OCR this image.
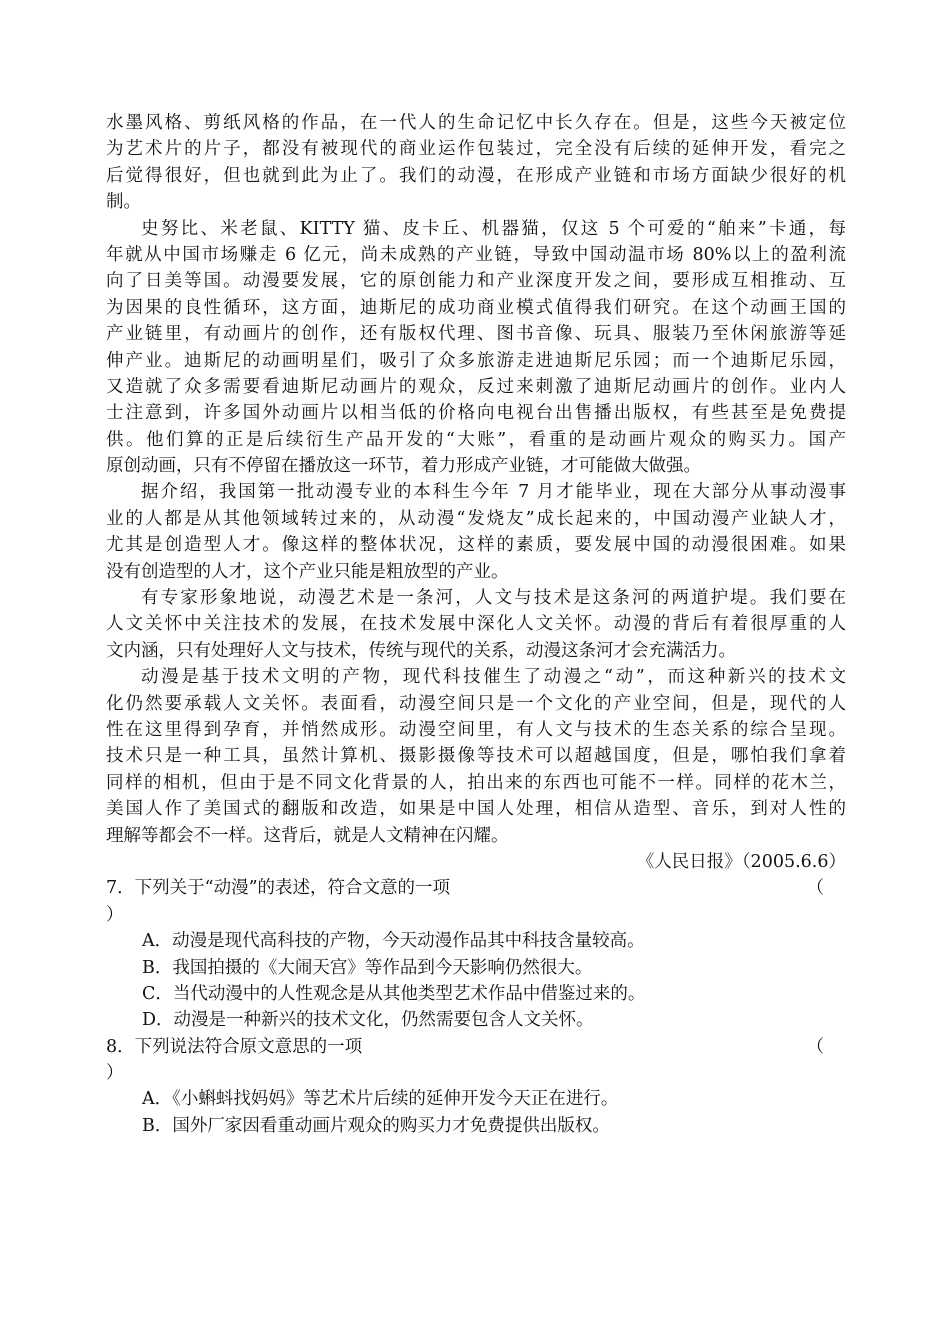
水墨风格、剪纸风格的作品，在一代人的生命记忆中长久存在。但是，这些今天被定位
为艺术片的片子，都没有被现代的商业运作包装过，完全没有后续的延伸开发，看完之
后觉得很好，但也就到此为止了。我们的动漫，在形成产业链和市场方面缺少很好的机
制。
史努比、米老鼠、KITTY 猫、皮卡丘、机器猫，仅这 5 个可爱的“舶来”卡通，每
年就从中国市场赚走 6 亿元，尚未成熟的产业链，导致中国动温市场 80%以上的盈利流
向了日美等国。动漫要发展，它的原创能力和产业深度开发之间，要形成互相推动、互
为因果的良性循环，这方面，迪斯尼的成功商业模式值得我们研究。在这个动画王国的
产业链里，有动画片的创作，还有版权代理、图书音像、玩具、服装乃至休闲旅游等延
伸产业。迪斯尼的动画明星们，吸引了众多旅游走进迪斯尼乐园；而一个迪斯尼乐园，
又造就了众多需要看迪斯尼动画片的观众，反过来刺激了迪斯尼动画片的创作。业内人
士注意到，许多国外动画片以相当低的价格向电视台出售播出版权，有些甚至是免费提
供。他们算的正是后续衍生产品开发的“大账”，看重的是动画片观众的购买力。国产
原创动画，只有不停留在播放这一环节，着力形成产业链，才可能做大做强。
据介绍，我国第一批动漫专业的本科生今年 7 月才能毕业，现在大部分从事动漫事
业的人都是从其他领域转过来的，从动漫“发烧友”成长起来的，中国动漫产业缺人才，
尤其是创造型人才。像这样的整体状况，这样的素质，要发展中国的动漫很困难。如果
没有创造型的人才，这个产业只能是粗放型的产业。
有专家形象地说，动漫艺术是一条河，人文与技术是这条河的两道护堤。我们要在
人文关怀中关注技术的发展，在技术发展中深化人文关怀。动漫的背后有着很厚重的人
文内涵，只有处理好人文与技术，传统与现代的关系，动漫这条河才会充满活力。
动漫是基于技术文明的产物，现代科技催生了动漫之“动”，而这种新兴的技术文
化仍然要承载人文关怀。表面看，动漫空间只是一个文化的产业空间，但是，现代的人
性在这里得到孕育，并悄然成形。动漫空间里，有人文与技术的生态关系的综合呈现。
技术只是一种工具，虽然计算机、摄影摄像等技术可以超越国度，但是，哪怕我们拿着
同样的相机，但由于是不同文化背景的人，拍出来的东西也可能不一样。同样的花木兰，
美国人作了美国式的翻版和改造，如果是中国人处理，相信从造型、音乐，到对人性的
理解等都会不一样。这背后，就是人文精神在闪耀。
《人民日报》（2005.6.6）
7．下列关于“动漫”的表述，符合文意的一项	（
）
A．动漫是现代高科技的产物，今天动漫作品其中科技含量较高。
B．我国拍摄的《大闹天宫》等作品到今天影响仍然很大。
C．当代动漫中的人性观念是从其他类型艺术作品中借鉴过来的。
D．动漫是一种新兴的技术文化，仍然需要包含人文关怀。
8．下列说法符合原文意思的一项	（
）
A．《小蝌蚪找妈妈》等艺术片后续的延伸开发今天正在进行。
B．国外厂家因看重动画片观众的购买力才免费提供出版权。
